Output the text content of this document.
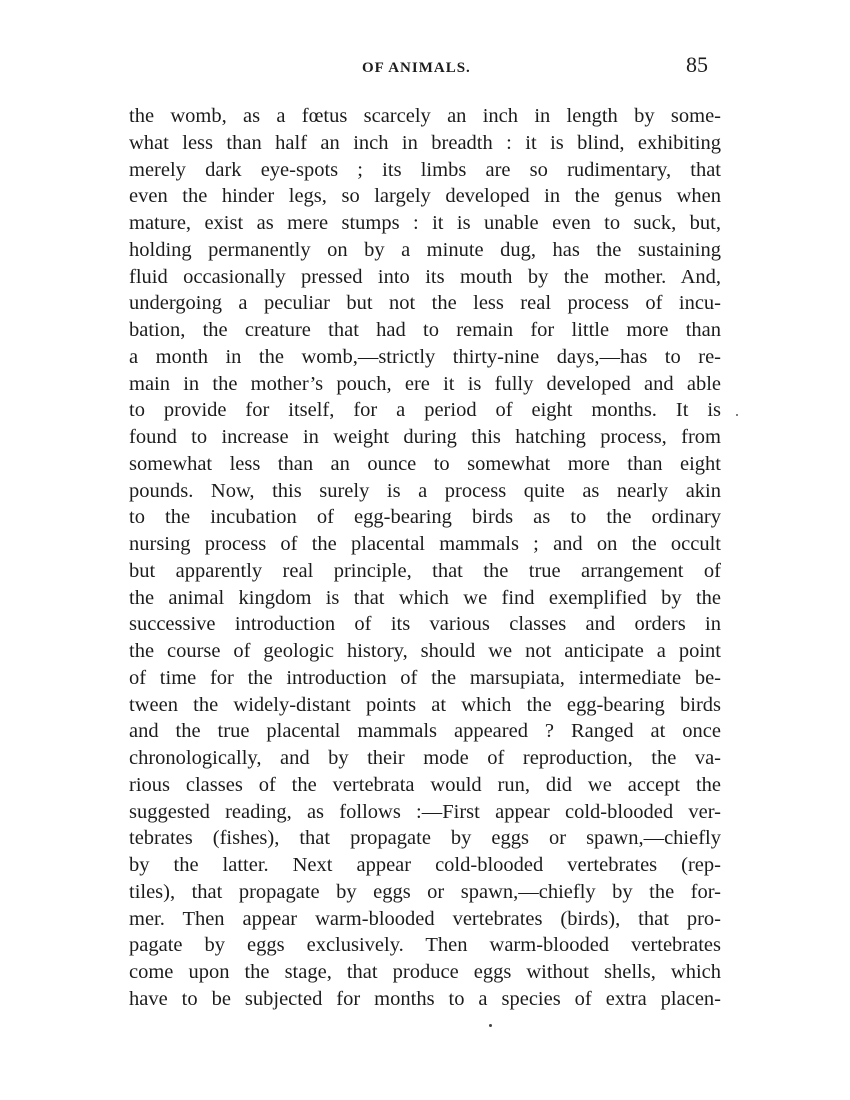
OF ANIMALS.	85
the womb, as a fœtus scarcely an inch in length by some-
what less than half an inch in breadth : it is blind, exhibiting
merely dark eye-spots ; its limbs are so rudimentary, that
even the hinder legs, so largely developed in the genus when
mature, exist as mere stumps : it is unable even to suck, but,
holding permanently on by a minute dug, has the sustaining
fluid occasionally pressed into its mouth by the mother. And,
undergoing a peculiar but not the less real process of incu-
bation, the creature that had to remain for little more than
a month in the womb,—strictly thirty-nine days,—has to re-
main in the mother’s pouch, ere it is fully developed and able
to provide for itself, for a period of eight months. It is
found to increase in weight during this hatching process, from
somewhat less than an ounce to somewhat more than eight
pounds. Now, this surely is a process quite as nearly akin
to the incubation of egg-bearing birds as to the ordinary
nursing process of the placental mammals ; and on the occult
but apparently real principle, that the true arrangement of
the animal kingdom is that which we find exemplified by the
successive introduction of its various classes and orders in
the course of geologic history, should we not anticipate a point
of time for the introduction of the marsupiata, intermediate be-
tween the widely-distant points at which the egg-bearing birds
and the true placental mammals appeared ? Ranged at once
chronologically, and by their mode of reproduction, the va-
rious classes of the vertebrata would run, did we accept the
suggested reading, as follows :—First appear cold-blooded ver-
tebrates (fishes), that propagate by eggs or spawn,—chiefly
by the latter. Next appear cold-blooded vertebrates (rep-
tiles), that propagate by eggs or spawn,—chiefly by the for-
mer. Then appear warm-blooded vertebrates (birds), that pro-
pagate by eggs exclusively. Then warm-blooded vertebrates
come upon the stage, that produce eggs without shells, which
have to be subjected for months to a species of extra placen-
